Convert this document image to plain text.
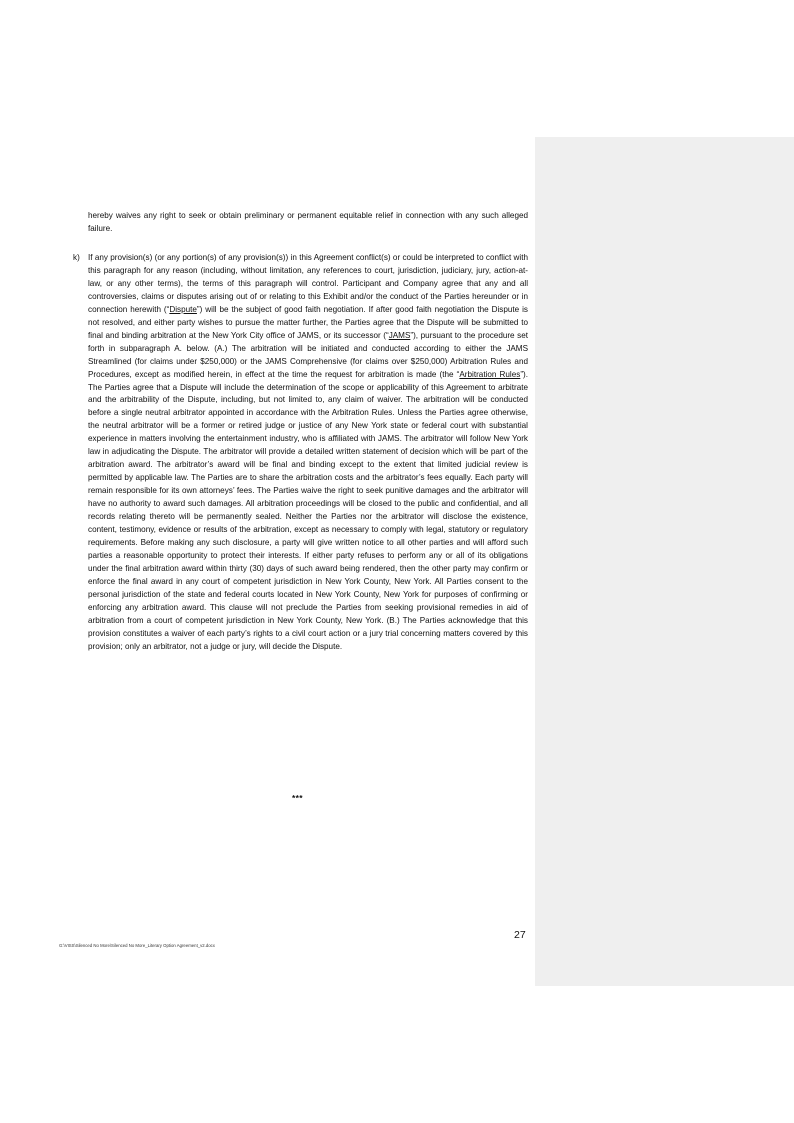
hereby waives any right to seek or obtain preliminary or permanent equitable relief in connection with any such alleged failure.

k)	If any provision(s) (or any portion(s) of any provision(s)) in this Agreement conflict(s) or could be interpreted to conflict with this paragraph for any reason (including, without limitation, any references to court, jurisdiction, judiciary, jury, action-at-law, or any other terms), the terms of this paragraph will control. Participant and Company agree that any and all controversies, claims or disputes arising out of or relating to this Exhibit and/or the conduct of the Parties hereunder or in connection herewith (“Dispute”) will be the subject of good faith negotiation. If after good faith negotiation the Dispute is not resolved, and either party wishes to pursue the matter further, the Parties agree that the Dispute will be submitted to final and binding arbitration at the New York City office of JAMS, or its successor (“JAMS”), pursuant to the procedure set forth in subparagraph A. below. (A.) The arbitration will be initiated and conducted according to either the JAMS Streamlined (for claims under $250,000) or the JAMS Comprehensive (for claims over $250,000) Arbitration Rules and Procedures, except as modified herein, in effect at the time the request for arbitration is made (the “Arbitration Rules”). The Parties agree that a Dispute will include the determination of the scope or applicability of this Agreement to arbitrate and the arbitrability of the Dispute, including, but not limited to, any claim of waiver. The arbitration will be conducted before a single neutral arbitrator appointed in accordance with the Arbitration Rules. Unless the Parties agree otherwise, the neutral arbitrator will be a former or retired judge or justice of any New York state or federal court with substantial experience in matters involving the entertainment industry, who is affiliated with JAMS. The arbitrator will follow New York law in adjudicating the Dispute. The arbitrator will provide a detailed written statement of decision which will be part of the arbitration award. The arbitrator’s award will be final and binding except to the extent that limited judicial review is permitted by applicable law. The Parties are to share the arbitration costs and the arbitrator’s fees equally. Each party will remain responsible for its own attorneys’ fees. The Parties waive the right to seek punitive damages and the arbitrator will have no authority to award such damages. All arbitration proceedings will be closed to the public and confidential, and all records relating thereto will be permanently sealed. Neither the Parties nor the arbitrator will disclose the existence, content, testimony, evidence or results of the arbitration, except as necessary to comply with legal, statutory or regulatory requirements. Before making any such disclosure, a party will give written notice to all other parties and will afford such parties a reasonable opportunity to protect their interests. If either party refuses to perform any or all of its obligations under the final arbitration award within thirty (30) days of such award being rendered, then the other party may confirm or enforce the final award in any court of competent jurisdiction in New York County, New York. All Parties consent to the personal jurisdiction of the state and federal courts located in New York County, New York for purposes of confirming or enforcing any arbitration award. This clause will not preclude the Parties from seeking provisional remedies in aid of arbitration from a court of competent jurisdiction in New York County, New York. (B.) The Parties acknowledge that this provision constitutes a waiver of each party’s rights to a civil court action or a jury trial concerning matters covered by this provision; only an arbitrator, not a judge or jury, will decide the Dispute.

***
27
G:\VISS\Silenced No More\Silenced No More_Literary Option Agreement_v2.docx
